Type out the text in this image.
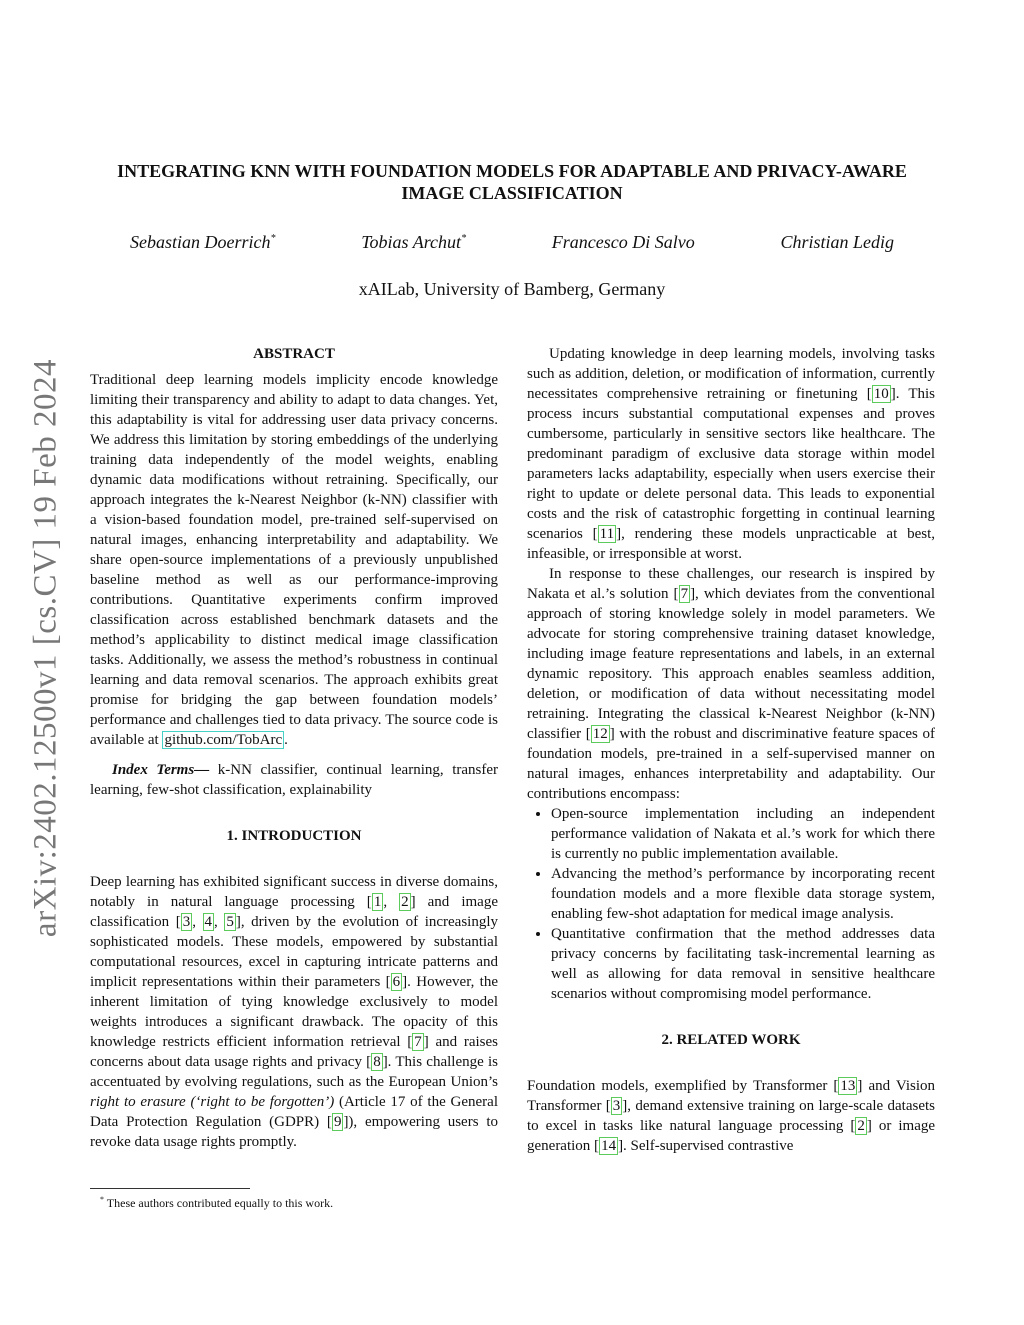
INTEGRATING KNN WITH FOUNDATION MODELS FOR ADAPTABLE AND PRIVACY-AWARE IMAGE CLASSIFICATION
Sebastian Doerrich*	Tobias Archut*	Francesco Di Salvo	Christian Ledig
xAILab, University of Bamberg, Germany
arXiv:2402.12500v1 [cs.CV] 19 Feb 2024
ABSTRACT

Traditional deep learning models implicity encode knowledge limiting their transparency and ability to adapt to data changes. Yet, this adaptability is vital for addressing user data privacy concerns. We address this limitation by storing embeddings of the underlying training data independently of the model weights, enabling dynamic data modifications without retraining. Specifically, our approach integrates the k-Nearest Neighbor (k-NN) classifier with a vision-based foundation model, pre-trained self-supervised on natural images, enhancing interpretability and adaptability. We share open-source implementations of a previously unpublished baseline method as well as our performance-improving contributions. Quantitative experiments confirm improved classification across established benchmark datasets and the method’s applicability to distinct medical image classification tasks. Additionally, we assess the method’s robustness in continual learning and data removal scenarios. The approach exhibits great promise for bridging the gap between foundation models’ performance and challenges tied to data privacy. The source code is available at github.com/TobArc .

Index Terms— k-NN classifier, continual learning, transfer learning, few-shot classification, explainability

1. INTRODUCTION

Deep learning has exhibited significant success in diverse domains, notably in natural language processing [ 1 , 2 ] and image classification [ 3 , 4 , 5 ], driven by the evolution of increasingly sophisticated models. These models, empowered by substantial computational resources, excel in capturing intricate patterns and implicit representations within their parameters [ 6 ]. However, the inherent limitation of tying knowledge exclusively to model weights introduces a significant drawback. The opacity of this knowledge restricts efficient information retrieval [ 7 ] and raises concerns about data usage rights and privacy [ 8 ]. This challenge is accentuated by evolving regulations, such as the European Union’s right to erasure (‘right to be forgotten’) (Article 17 of the General Data Protection Regulation (GDPR) [ 9 ]), empowering users to revoke data usage rights promptly.

* These authors contributed equally to this work.

Updating knowledge in deep learning models, involving tasks such as addition, deletion, or modification of information, currently necessitates comprehensive retraining or finetuning [ 10 ]. This process incurs substantial computational expenses and proves cumbersome, particularly in sensitive sectors like healthcare. The predominant paradigm of exclusive data storage within model parameters lacks adaptability, especially when users exercise their right to update or delete personal data. This leads to exponential costs and the risk of catastrophic forgetting in continual learning scenarios [ 11 ], rendering these models unpracticable at best, infeasible, or irresponsible at worst.

In response to these challenges, our research is inspired by Nakata et al.’s solution [ 7 ], which deviates from the conventional approach of storing knowledge solely in model parameters. We advocate for storing comprehensive training dataset knowledge, including image feature representations and labels, in an external dynamic repository. This approach enables seamless addition, deletion, or modification of data without necessitating model retraining. Integrating the classical k-Nearest Neighbor (k-NN) classifier [ 12 ] with the robust and discriminative feature spaces of foundation models, pre-trained in a self-supervised manner on natural images, enhances interpretability and adaptability. Our contributions encompass:

• Open-source implementation including an independent performance validation of Nakata et al.’s work for which there is currently no public implementation available.
• Advancing the method’s performance by incorporating recent foundation models and a more flexible data storage system, enabling few-shot adaptation for medical image analysis.
• Quantitative confirmation that the method addresses data privacy concerns by facilitating task-incremental learning as well as allowing for data removal in sensitive healthcare scenarios without compromising model performance.
2. RELATED WORK

Foundation models, exemplified by Transformer [ 13 ] and Vision Transformer [ 3 ], demand extensive training on large-scale datasets to excel in tasks like natural language processing [ 2 ] or image generation [ 14 ]. Self-supervised contrastive
